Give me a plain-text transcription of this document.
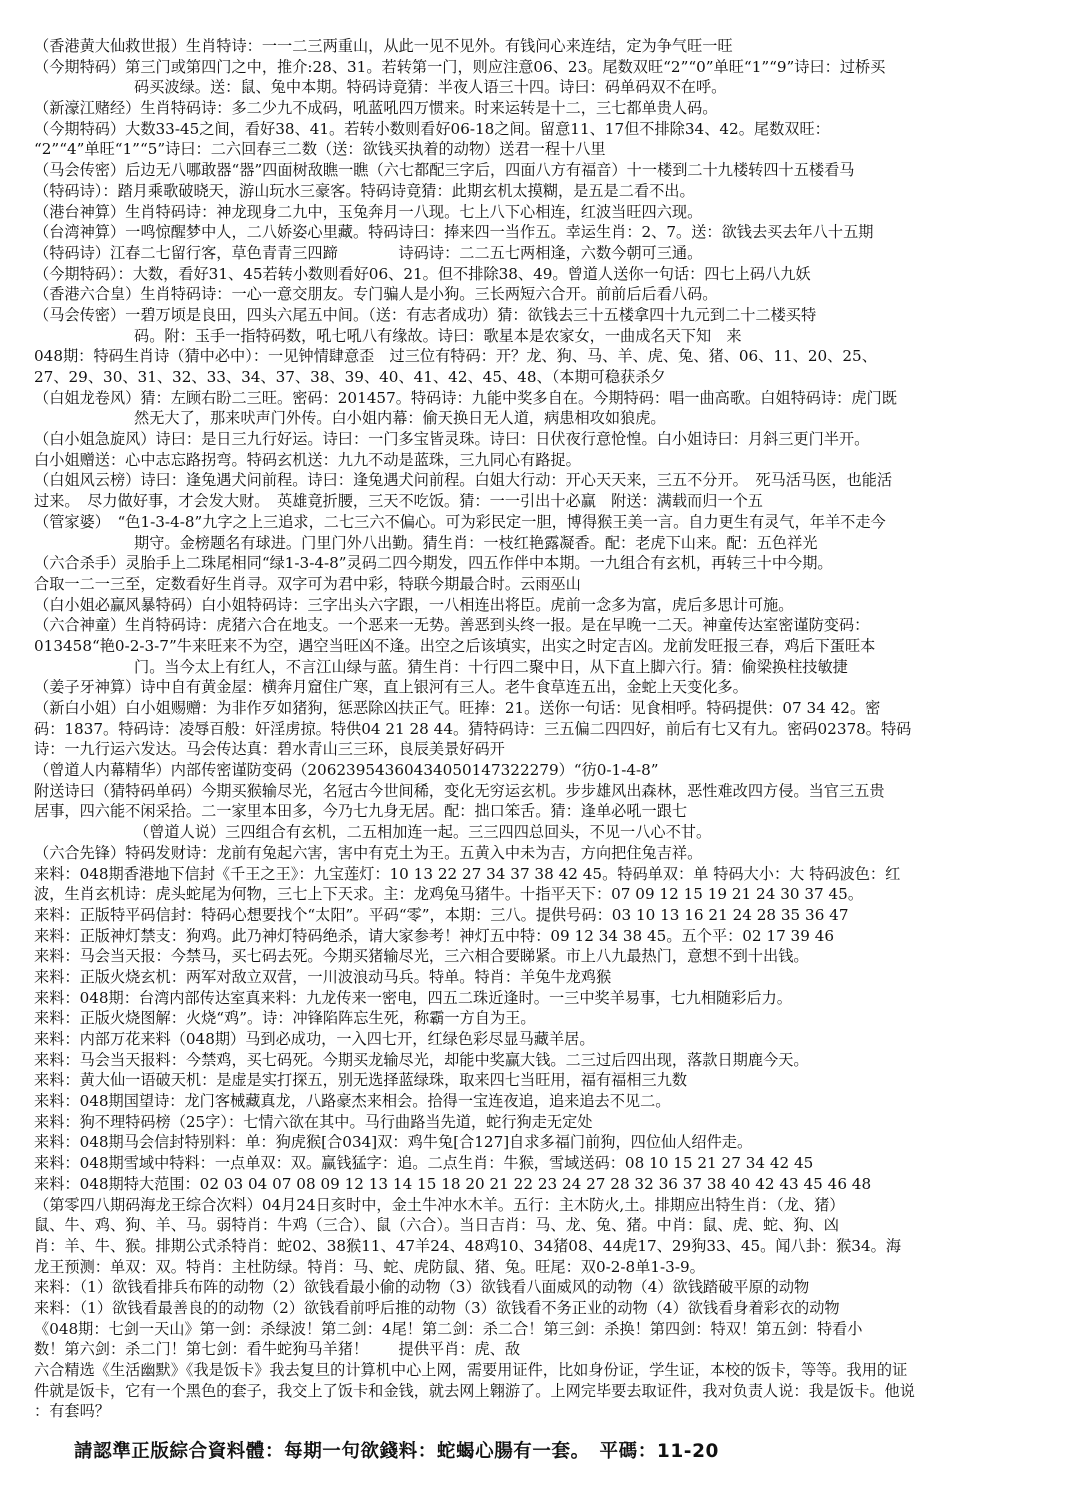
（香港黄大仙救世报）生肖特诗：一一二三两重山，从此一见不见外。有钱问心来连结，定为争气旺一旺
（今期特码）第三门或第四门之中，推介:28、31。若转第一门，则应注意06、23。尾数双旺“2”“0”单旺“1”“9”诗曰：过桥买
码买波绿。送：鼠、兔中本期。特码诗竟猜：半夜人语三十四。诗曰：码单码双不在呼。
（新濠江赌经）生肖特码诗：多二少九不成码，吼蓝吼四万惯来。时来运转是十二，三七都单贵人码。
（今期特码）大数33-45之间，看好38、41。若转小数则看好06-18之间。留意11、17但不排除34、42。尾数双旺：
“2”“4”单旺“1”“5”诗曰：二六回春三二数（送：欲钱买执着的动物）送君一程十八里
（马会传密）后边无八哪敢器“器”四面树敌瞧一瞧（六七都配三字后，四面八方有福音）十一楼到二十九楼转四十五楼看马
（特码诗）：踏月乘歌破晓天，游山玩水三豪客。特码诗竟猜：此期玄机太摸糊，是五是二看不出。
（港台神算）生肖特码诗：神龙现身二九中，玉兔奔月一八现。七上八下心相连，红波当旺四六现。
（台湾神算）一鸣惊醒梦中人，二八娇姿心里藏。特码诗曰：捧来四一当作五。幸运生肖：2、7。送：欲钱去买去年八十五期
（特码诗）江春二七留行客，草色青青三四蹄　　　　诗码诗：二二五七两相逢，六数今朝可三通。
（今期特码）：大数，看好31、45若转小数则看好06、21。但不排除38、49。曾道人送你一句话：四七上码八九妖
（香港六合皇）生肖特码诗：一心一意交朋友。专门骗人是小狗。三长两短六合开。前前后后看八码。
（马会传密）一碧万顷是良田，四头六尾五中间。（送：有志者成功）猜：欲钱去三十五楼拿四十九元到二十二楼买特
码。附：玉手一指特码数，吼七吼八有缘故。诗曰：歌星本是农家女，一曲成名天下知　来
048期：特码生肖诗（猜中必中）：一见钟情肆意歪　过三位有特码：开？龙、狗、马、羊、虎、兔、猪、06、11、20、25、
27、29、30、31、32、33、34、37、38、39、40、41、42、45、48、（本期可稳获杀夕
（白姐龙卷风）猜：左顾右盼二三旺。密码：201457。特码诗：九能中奖多自在。今期特码：唱一曲高歌。白姐特码诗：虎门既
然无大了，那来吠声门外传。白小姐内幕：偷天换日无人道，病患相攻如狼虎。
（白小姐急旋风）诗曰：是日三九行好运。诗曰：一门多宝皆灵珠。诗曰：日伏夜行意怆惶。白小姐诗曰：月斜三更门半开。
白小姐赠送：心中志忘路拐弯。特码玄机送：九九不动是蓝珠，三九同心有路捉。
（白姐风云榜）诗曰：逢兔遇犬问前程。诗曰：逢兔遇犬问前程。白姐大行动：开心天天来，三五不分开。　死马活马医，也能活
过来。　尽力做好事，才会发大财。　英雄竟折腰，三天不吃饭。猜：一一引出十必赢　附送：满载而归一个五
（管家婆）　“色1-3-4-8”九字之上三追求，二七三六不偏心。可为彩民定一胆，博得猴王美一言。自力更生有灵气，年羊不走今
期守。金榜题名有球进。门里门外八出勤。猜生肖：一枝红艳露凝香。配：老虎下山来。配：五色祥光
（六合杀手）灵胎手上二珠尾相同“绿1-3-4-8”灵码二四今期发，四五作伴中本期。一九组合有玄机，再转三十中今期。
合取一二一三至，定数看好生肖寻。双字可为君中彩，特联今期最合时。云雨巫山
（白小姐必赢风暴特码）白小姐特码诗：三字出头六字跟，一八相连出将臣。虎前一念多为富，虎后多思计可施。
（六合神童）生肖特码诗：虎猪六合在地支。一个恶来一无势。善恶到头终一报。是在早晚一二天。神童传达室密谨防变码：
013458“艳0-2-3-7”牛来旺来不为空，遇空当旺凶不逢。出空之后该填实，出实之时定吉凶。龙前发旺报三春，鸡后下蛋旺本
门。当今太上有红人，不言江山绿与蓝。猜生肖：十行四二聚中日，从下直上脚六行。猜：偷梁换柱技敏捷
（姜子牙神算）诗中自有黄金屋：横奔月窟住广寒，直上银河有三人。老牛食草连五出，金蛇上天变化多。
（新白小姐）白小姐赐赠：为非作歹如猪狗，惩恶除凶扶正气。旺捧：21。送你一句话：见食相呼。特码提供：07 34 42。密
码：1837。特码诗：凌辱百般：奸淫虏掠。特供04 21 28 44。猜特码诗：三五偏二四四好，前后有七又有九。密码02378。特码
诗：一九行运六发达。马会传达真：碧水青山三三环，良辰美景好码开
（曾道人内幕精华）内部传密谨防变码（20623954360434050147322279）“彷0-1-4-8”
附送诗曰（猜特码单码）今期买猴输尽光，名冠古今世间稀，变化无穷运玄机。步步雄风出森林，恶性难改四方侵。当官三五贵
居事，四六能不闲采拾。二一家里本田多，今乃七九身无居。配：拙口笨舌。猜：逢单必吼一跟七
（曾道人说）三四组合有玄机，二五相加连一起。三三四四总回头，不见一八心不甘。
（六合先锋）特码发财诗：龙前有兔起六害，害中有克土为王。五黄入中未为吉，方向把住兔吉祥。
来料：048期香港地下信封《千王之王》：九宝莲灯：10 13 22 27 34 37 38 42 45。特码单双：单 特码大小：大 特码波色：红
波，生肖玄机诗：虎头蛇尾为何物，三七上下天求。主：龙鸡兔马猪牛。十指平天下：07 09 12 15 19 21 24 30 37 45。
来料：正版特平码信封：特码心想要找个“太阳”。平码“零”，本期：三八。提供号码：03 10 13 16 21 24 28 35 36 47
来料：正版神灯禁支：狗鸡。此乃神灯特码绝杀，请大家参考！神灯五中特：09 12 34 38 45。五个平：02 17 39 46
来料：马会当天报：今禁马，买七码去死。今期买猪输尽光，三六相合要睇紧。市上八九最热门，意想不到十出钱。
来料：正版火烧玄机：两军对敌立双营，一川波浪动马兵。特单。特肖：羊兔牛龙鸡猴
来料：048期：台湾内部传达室真来料：九龙传来一密电，四五二珠近逢时。一三中奖羊易事，七九相随彩后力。
来料：正版火烧图解：火烧“鸡”。诗：冲锋陷阵忘生死，称霸一方自为王。
来料：内部万花来料（048期）马到必成功，一入四七开，红绿色彩尽显马藏羊居。
来料：马会当天报料：今禁鸡，买七码死。今期买龙输尽光，却能中奖赢大钱。二三过后四出现，落款日期鹿今天。
来料：黄大仙一语破天机：是虚是实打探五，别无选择蓝绿珠，取来四七当旺用，福有福相三九数
来料：048期国望诗：龙门客械藏真龙，八路豪杰来相会。拾得一宝连夜追，追来追去不见二。
来料：狗不理特码榜（25字）：七情六欲在其中。马行曲路当先道，蛇行狗走无定处
来料：048期马会信封特别料：单：狗虎猴[合034]双：鸡牛兔[合127]自求多福门前狗，四位仙人绍件走。
来料：048期雪域中特料：一点单双：双。赢钱猛字：追。二点生肖：牛猴，雪域送码：08 10 15 21 27 34 42 45
来料：048期特大范围：02 03 04 07 08 09 12 13 14 15 18 20 21 22 23 24 27 28 32 36 37 38 40 42 43 45 46 48
（第零四八期码海龙王综合次料）04月24日亥时中，金土牛冲水木羊。五行：主木防火,土。排期应出特生肖：（龙、猪）
鼠、牛、鸡、狗、羊、马。弱特肖：牛鸡（三合）、鼠（六合）。当日吉肖：马、龙、兔、猪。中肖：鼠、虎、蛇、狗、凶
肖：羊、牛、猴。排期公式杀特肖：蛇02、38猴11、47羊24、48鸡10、34猪08、44虎17、29狗33、45。闻八卦：猴34。海
龙王预测：单双：双。特肖：主杜防绿。特肖：马、蛇、虎防鼠、猪、兔。旺尾：双0-2-8单1-3-9。
来料：（1）欲钱看排兵布阵的动物（2）欲钱看最小偷的动物（3）欲钱看八面威风的动物（4）欲钱踏破平原的动物
来料：（1）欲钱看最善良的的动物（2）欲钱看前呼后推的动物（3）欲钱看不务正业的动物（4）欲钱看身着彩衣的动物
《048期：七剑一天山》第一剑：杀绿波！第二剑：4尾！第二剑：杀二合！第三剑：杀换！第四剑：特双！第五剑：特看小
数！第六剑：杀二门！第七剑：看牛蛇狗马羊猪！　　提供平肖：虎、敌
六合精选《生活幽默》《我是饭卡》我去复旦的计算机中心上网，需要用证件，比如身份证，学生证，本校的饭卡，等等。我用的证
件就是饭卡，它有一个黑色的套子，我交上了饭卡和金钱，就去网上翱游了。上网完毕要去取证件，我对负责人说：我是饭卡。他说
：有套吗？
請認準正版綜合資料體：每期一句欲錢料：蛇蝎心腸有一套。　平碼：11-20
